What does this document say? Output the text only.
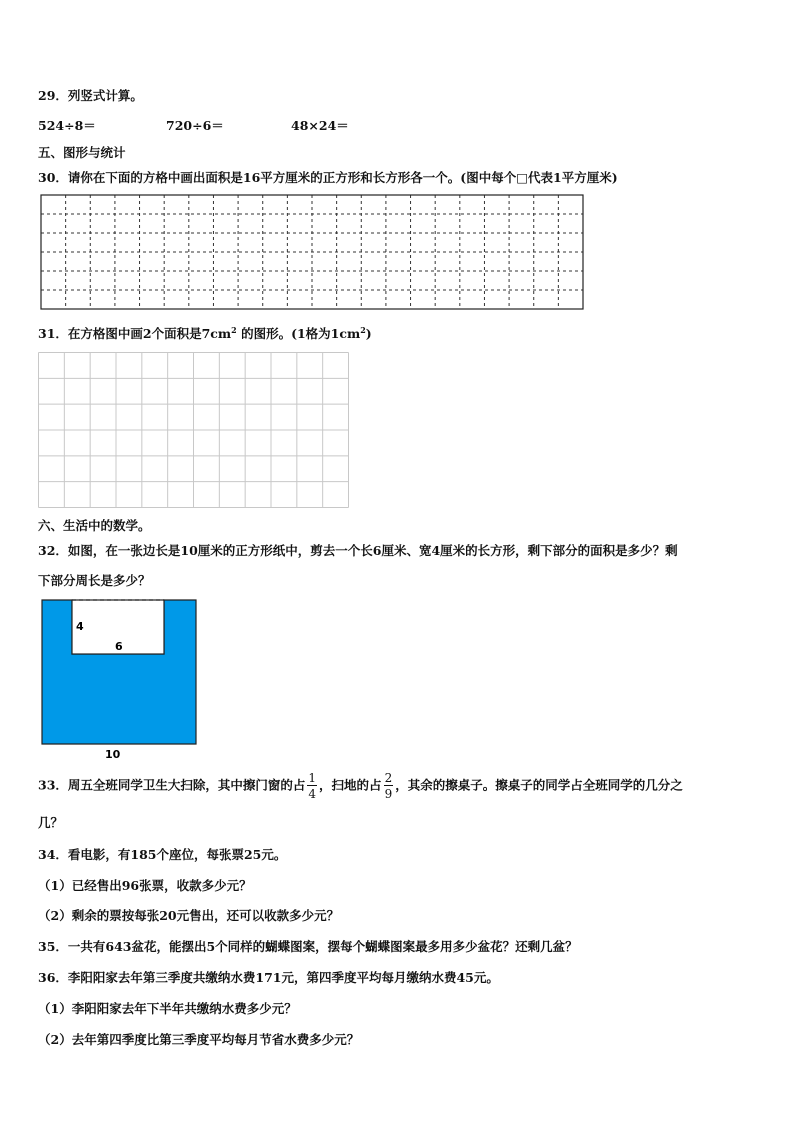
29．列竖式计算。
524÷8＝	720÷6＝	48×24＝
五、图形与统计
30．请你在下面的方格中画出面积是16平方厘米的正方形和长方形各一个。(图中每个□代表1平方厘米)
31．在方格图中画2个面积是$7cm^2$ 的图形。(1格为$1cm^2$)
六、生活中的数学。
32．如图，在一张边长是10厘米的正方形纸中，剪去一个长6厘米、宽4厘米的长方形，剩下部分的面积是多少？剩
下部分周长是多少？
4
6
10
33．周五全班同学卫生大扫除，其中擦门窗的占 $\frac{1}{4}$ ，扫地的占 $\frac{2}{9}$ ，其余的擦桌子。擦桌子的同学占全班同学的几分之
几？
34．看电影，有185个座位，每张票25元。
（1）已经售出96张票，收款多少元？
（2）剩余的票按每张20元售出，还可以收款多少元？
35．一共有643盆花，能摆出5个同样的蝴蝶图案，摆每个蝴蝶图案最多用多少盆花？还剩几盆？
36．李阳阳家去年第三季度共缴纳水费171元，第四季度平均每月缴纳水费45元。
（1）李阳阳家去年下半年共缴纳水费多少元？
（2）去年第四季度比第三季度平均每月节省水费多少元？
